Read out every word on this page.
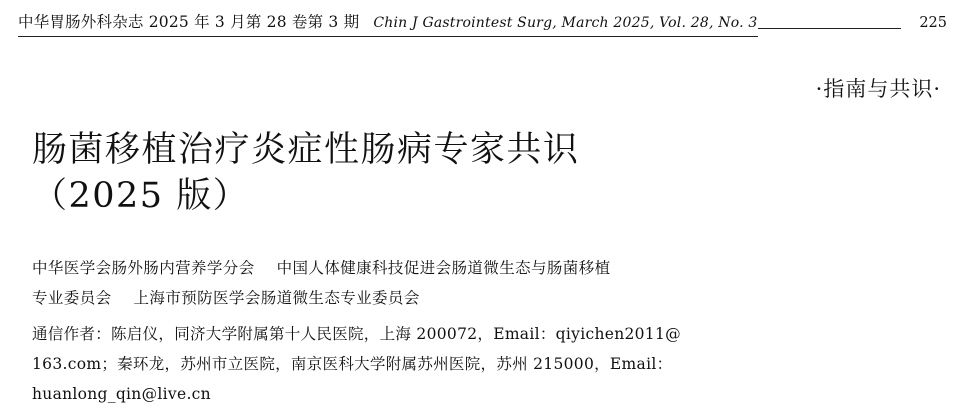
中华胃肠外科杂志 2025 年 3 月第 28 卷第 3 期 Chin J Gastrointest Surg, March 2025, Vol. 28, No. 3	225
·指南与共识·
肠菌移植治疗炎症性肠病专家共识
（2025 版）
中华医学会肠外肠内营养学分会 中国人体健康科技促进会肠道微生态与肠菌移植
专业委员会 上海市预防医学会肠道微生态专业委员会
通信作者：陈启仪，同济大学附属第十人民医院，上海 200072，Email：qiyichen2011@
163.com；秦环龙，苏州市立医院，南京医科大学附属苏州医院，苏州 215000，Email：
huanlong_qin@live.cn
